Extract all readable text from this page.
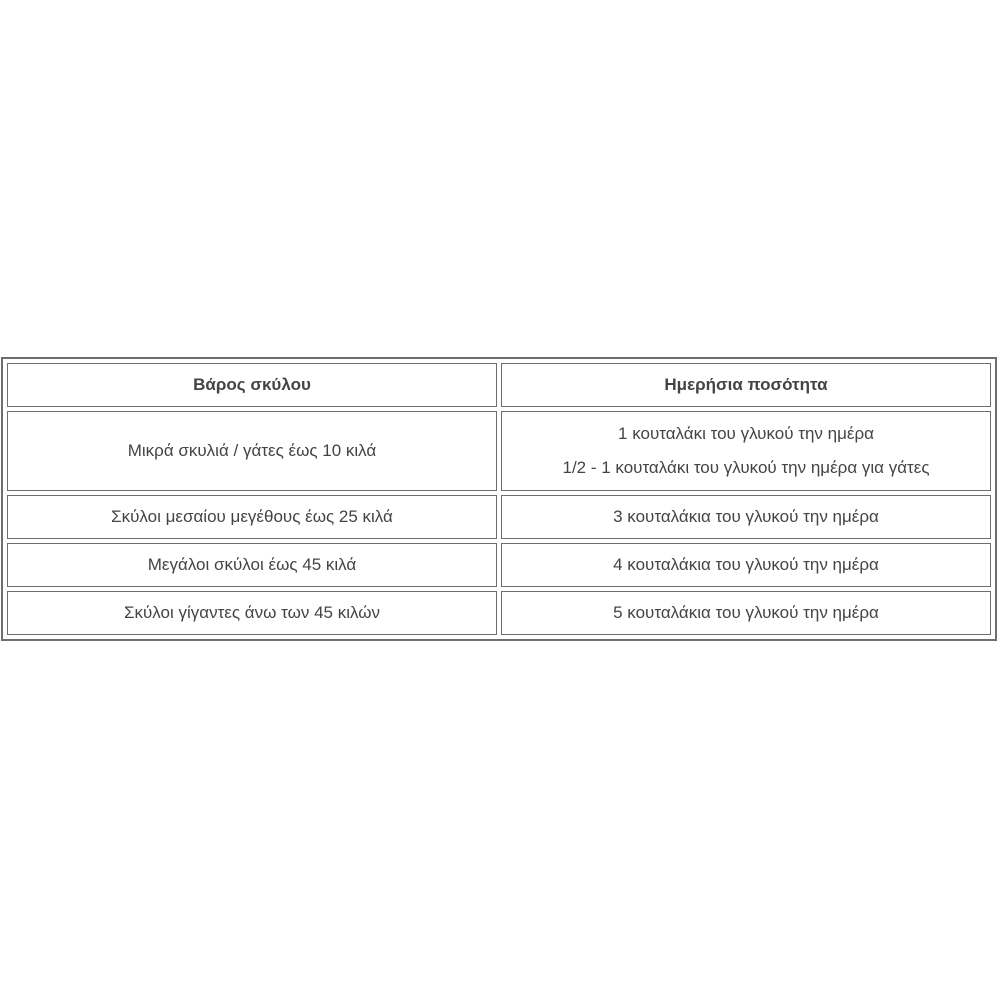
Βάρος σκύλου	Ημερήσια ποσότητα
Μικρά σκυλιά / γάτες έως 10 κιλά	1 κουταλάκι του γλυκού την ημέρα
1/2 - 1 κουταλάκι του γλυκού την ημέρα για γάτες

Σκύλοι μεσαίου μεγέθους έως 25 κιλά	3 κουταλάκια του γλυκού την ημέρα
Μεγάλοι σκύλοι έως 45 κιλά	4 κουταλάκια του γλυκού την ημέρα
Σκύλοι γίγαντες άνω των 45 κιλών	5 κουταλάκια του γλυκού την ημέρα
